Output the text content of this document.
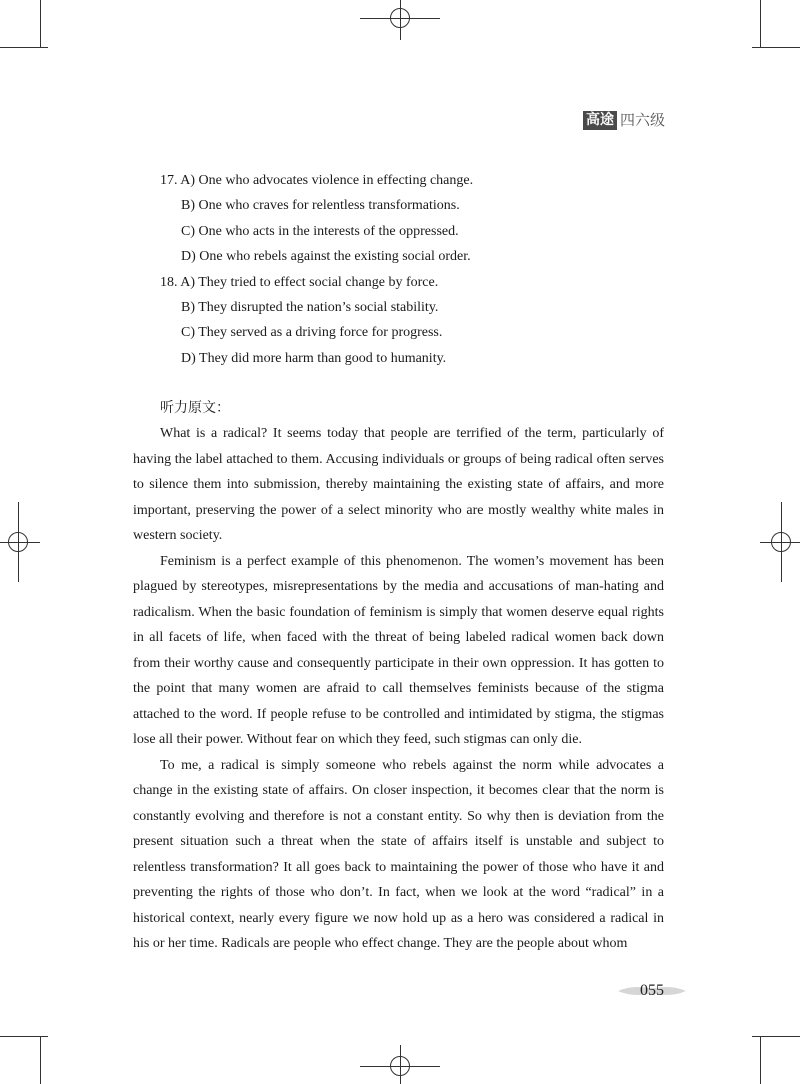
高途 四六级
17. A) One who advocates violence in effecting change.
B) One who craves for relentless transformations.
C) One who acts in the interests of the oppressed.
D) One who rebels against the existing social order.
18. A) They tried to effect social change by force.
B) They disrupted the nation’s social stability.
C) They served as a driving force for progress.
D) They did more harm than good to humanity.
听力原文：

What is a radical? It seems today that people are terrified of the term, particularly of having the label attached to them. Accusing individuals or groups of being radical often serves to silence them into submission, thereby maintaining the existing state of affairs, and more important, preserving the power of a select minority who are mostly wealthy white males in western society.

Feminism is a perfect example of this phenomenon. The women’s movement has been plagued by stereotypes, misrepresentations by the media and accusations of man-hating and radicalism. When the basic foundation of feminism is simply that women deserve equal rights in all facets of life, when faced with the threat of being labeled radical women back down from their worthy cause and consequently participate in their own oppression. It has gotten to the point that many women are afraid to call themselves feminists because of the stigma attached to the word. If people refuse to be controlled and intimidated by stigma, the stigmas lose all their power. Without fear on which they feed, such stigmas can only die.

To me, a radical is simply someone who rebels against the norm while advocates a change in the existing state of affairs. On closer inspection, it becomes clear that the norm is constantly evolving and therefore is not a constant entity. So why then is deviation from the present situation such a threat when the state of affairs itself is unstable and subject to relentless transformation? It all goes back to maintaining the power of those who have it and preventing the rights of those who don’t. In fact, when we look at the word “radical” in a historical context, nearly every figure we now hold up as a hero was considered a radical in his or her time. Radicals are people who effect change. They are the people about whom

055
